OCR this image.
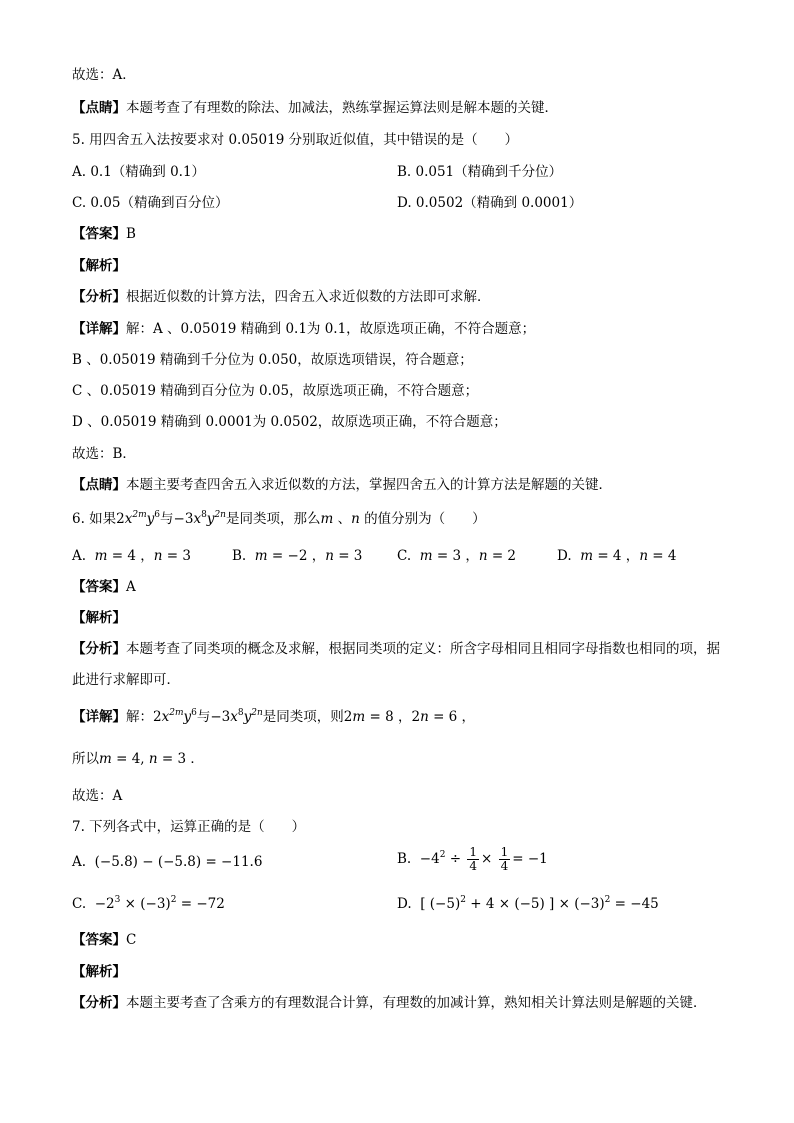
故选：A．
【点睛】本题考查了有理数的除法、加减法，熟练掌握运算法则是解本题的关键．
5. 用四舍五入法按要求对 0.05019 分别取近似值，其中错误的是（　　）
A. 0.1（精确到 0.1）	B. 0.051（精确到千分位）
C. 0.05（精确到百分位）	D. 0.0502（精确到 0.0001）
【答案】B
【解析】
【分析】根据近似数的计算方法，四舍五入求近似数的方法即可求解．
【详解】解：A 、0.05019 精确到 0.1为 0.1，故原选项正确，不符合题意；
B 、0.05019 精确到千分位为 0.050，故原选项错误，符合题意；
C 、0.05019 精确到百分位为 0.05，故原选项正确，不符合题意；
D 、0.05019 精确到 0.0001为 0.0502，故原选项正确，不符合题意；
故选：B．
【点睛】本题主要考查四舍五入求近似数的方法，掌握四舍五入的计算方法是解题的关键．
6. 如果$2x^{2m}y^6$与$-3x^8y^{2n}$是同类项，那么m 、n 的值分别为（　　）
A.  m = 4 ，n = 3	B.  m = −2 ，n = 3	C.  m = 3 ，n = 2	D.  m = 4 ，n = 4
【答案】A
【解析】
【分析】本题考查了同类项的概念及求解，根据同类项的定义：所含字母相同且相同字母指数也相同的项，据此进行求解即可．
【详解】解：$2x^{2m}y^6$与$-3x^8y^{2n}$是同类项，则2m = 8 ，2n = 6 ，
所以m = 4, n = 3 ．
故选：A
7. 下列各式中，运算正确的是（　　）
A.  (−5.8) − (−5.8) = −11.6	B.  $-4^2 \div \frac{1}{4} \times \frac{1}{4} = -1$
C.  $-2^3 \times (-3)^2 = -72$	D.  [ $(-5)^2 + 4 \times (-5)$ ] × $(-3)^2 = -45$
【答案】C
【解析】
【分析】本题主要考查了含乘方的有理数混合计算，有理数的加减计算，熟知相关计算法则是解题的关键．
